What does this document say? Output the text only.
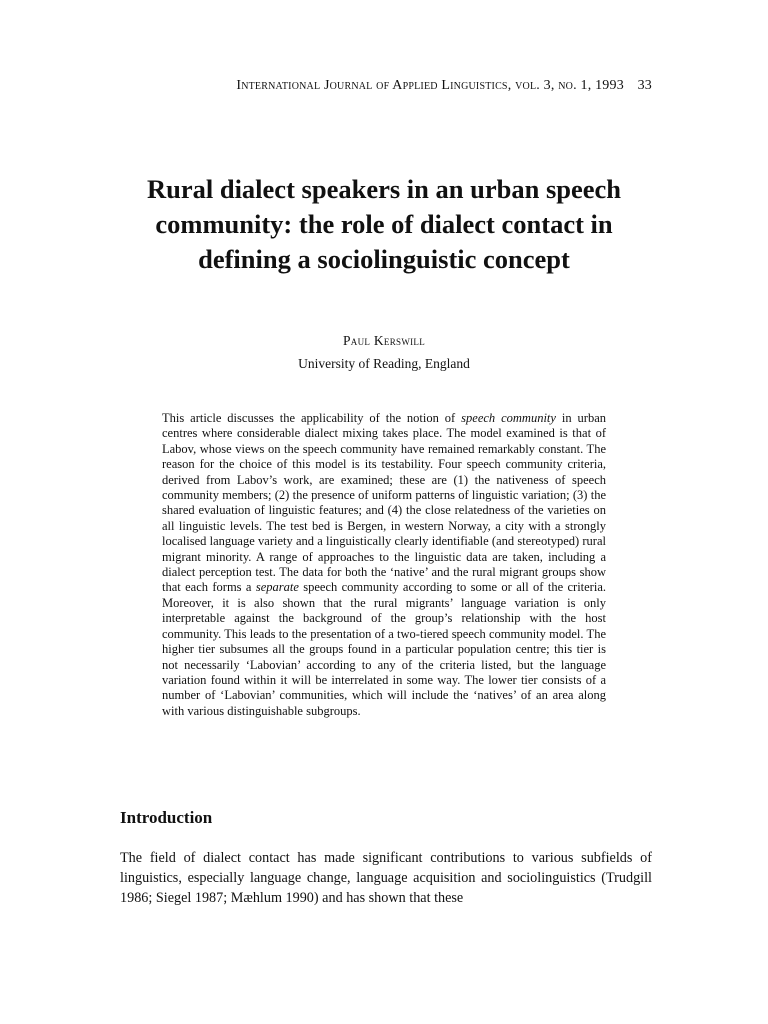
International Journal of Applied Linguistics, vol. 3, no. 1, 1993 33
Rural dialect speakers in an urban speech community: the role of dialect contact in defining a sociolinguistic concept
Paul Kerswill
University of Reading, England

This article discusses the applicability of the notion of speech community in urban centres where considerable dialect mixing takes place. The model examined is that of Labov, whose views on the speech community have remained remarkably constant. The reason for the choice of this model is its testability. Four speech community criteria, derived from Labov’s work, are examined; these are (1) the nativeness of speech community members; (2) the presence of uniform patterns of linguistic variation; (3) the shared evaluation of linguistic features; and (4) the close relatedness of the varieties on all linguistic levels. The test bed is Bergen, in western Norway, a city with a strongly localised language variety and a linguistically clearly identifiable (and stereotyped) rural migrant minority. A range of approaches to the linguistic data are taken, including a dialect perception test. The data for both the ‘native’ and the rural migrant groups show that each forms a separate speech community according to some or all of the criteria. Moreover, it is also shown that the rural migrants’ language variation is only interpretable against the background of the group’s relationship with the host community. This leads to the presentation of a two-tiered speech community model. The higher tier subsumes all the groups found in a particular population centre; this tier is not necessarily ‘Labovian’ according to any of the criteria listed, but the language variation found within it will be interrelated in some way. The lower tier consists of a number of ‘Labovian’ communities, which will include the ‘natives’ of an area along with various distinguishable subgroups.

Introduction

The field of dialect contact has made significant contributions to various subfields of linguistics, especially language change, language acquisition and sociolinguistics (Trudgill 1986; Siegel 1987; Mæhlum 1990) and has shown that these
